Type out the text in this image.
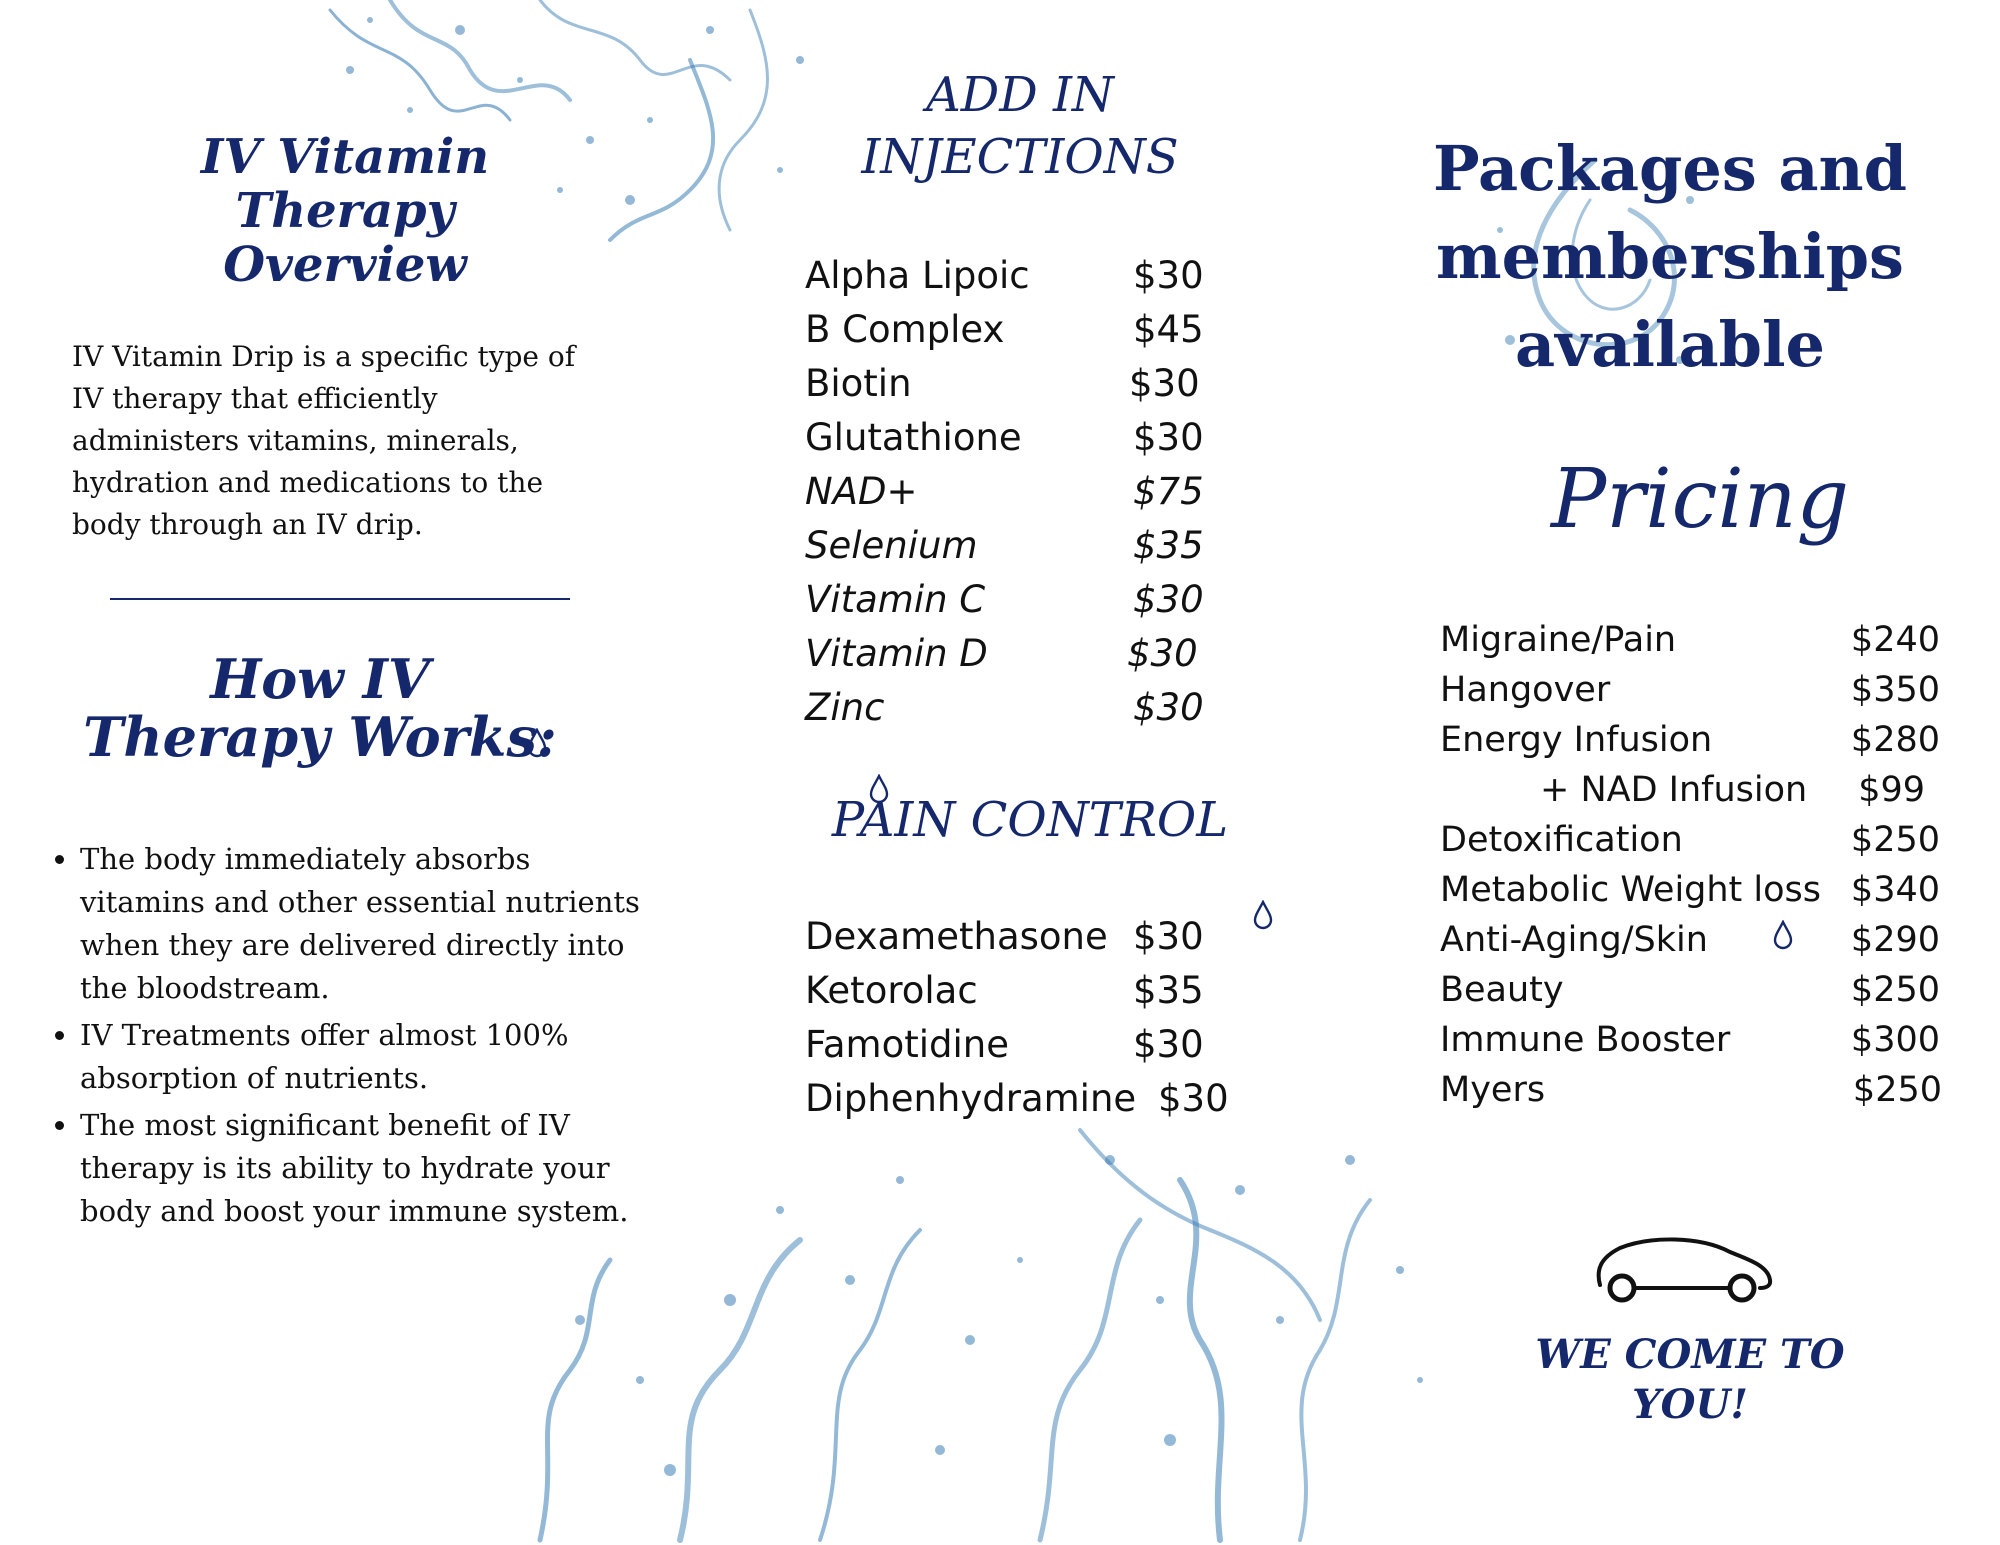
IV Vitamin Therapy Overview
IV Vitamin Drip is a specific type of IV therapy that efficiently administers vitamins, minerals, hydration and medications to the body through an IV drip.
How IV Therapy Works:
• The body immediately absorbs vitamins and other essential nutrients when they are delivered directly into the bloodstream.
• IV Treatments offer almost 100% absorption of nutrients.
• The most significant benefit of IV therapy is its ability to hydrate your body and boost your immune system.
ADD IN INJECTIONS
Alpha Lipoic	$30
B Complex	$45
Biotin	$30
Glutathione	$30
NAD+	$75
Selenium	$35
Vitamin C	$30
Vitamin D	$30
Zinc	$30
PAIN CONTROL
Dexamethasone $30
Ketorolac	$35
Famotidine	$30
Diphenhydramine $30
Packages and memberships available
Pricing
Migraine/Pain	$240
Hangover	$350
Energy Infusion	$280
+ NAD Infusion $99
Detoxification	$250
Metabolic Weight loss $340
Anti-Aging/Skin	$290
Beauty	$250
Immune Booster	$300
Myers	$250
WE COME TO YOU!
